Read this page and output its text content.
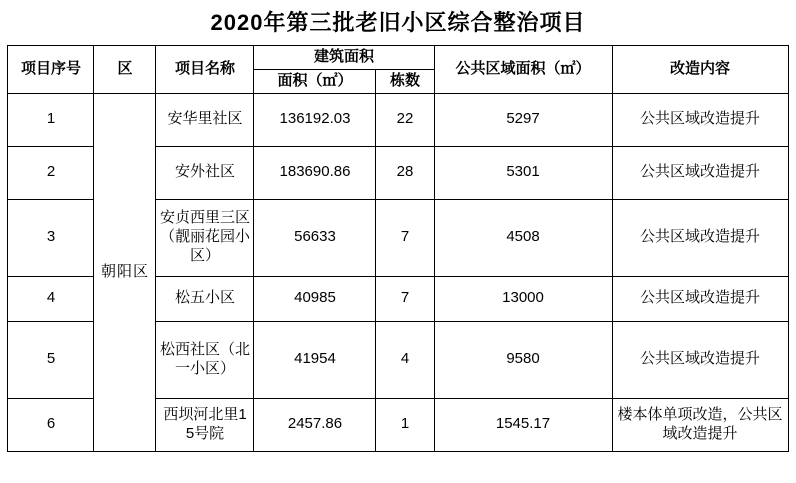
2020年第三批老旧小区综合整治项目
项目序号	区	项目名称	建筑面积		公共区域面积（㎡）	改造内容
			面积（㎡）	栋数		
1	朝阳区	安华里社区	136192.03	22	5297	公共区域改造提升
2		安外社区	183690.86	28	5301	公共区域改造提升
3		安贞西里三区（靓丽花园小区）	56633	7	4508	公共区域改造提升
4		松五小区	40985	7	13000	公共区域改造提升
5		松西社区（北一小区）	41954	4	9580	公共区域改造提升
6		西坝河北里15号院	2457.86	1	1545.17	楼本体单项改造，公共区域改造提升
